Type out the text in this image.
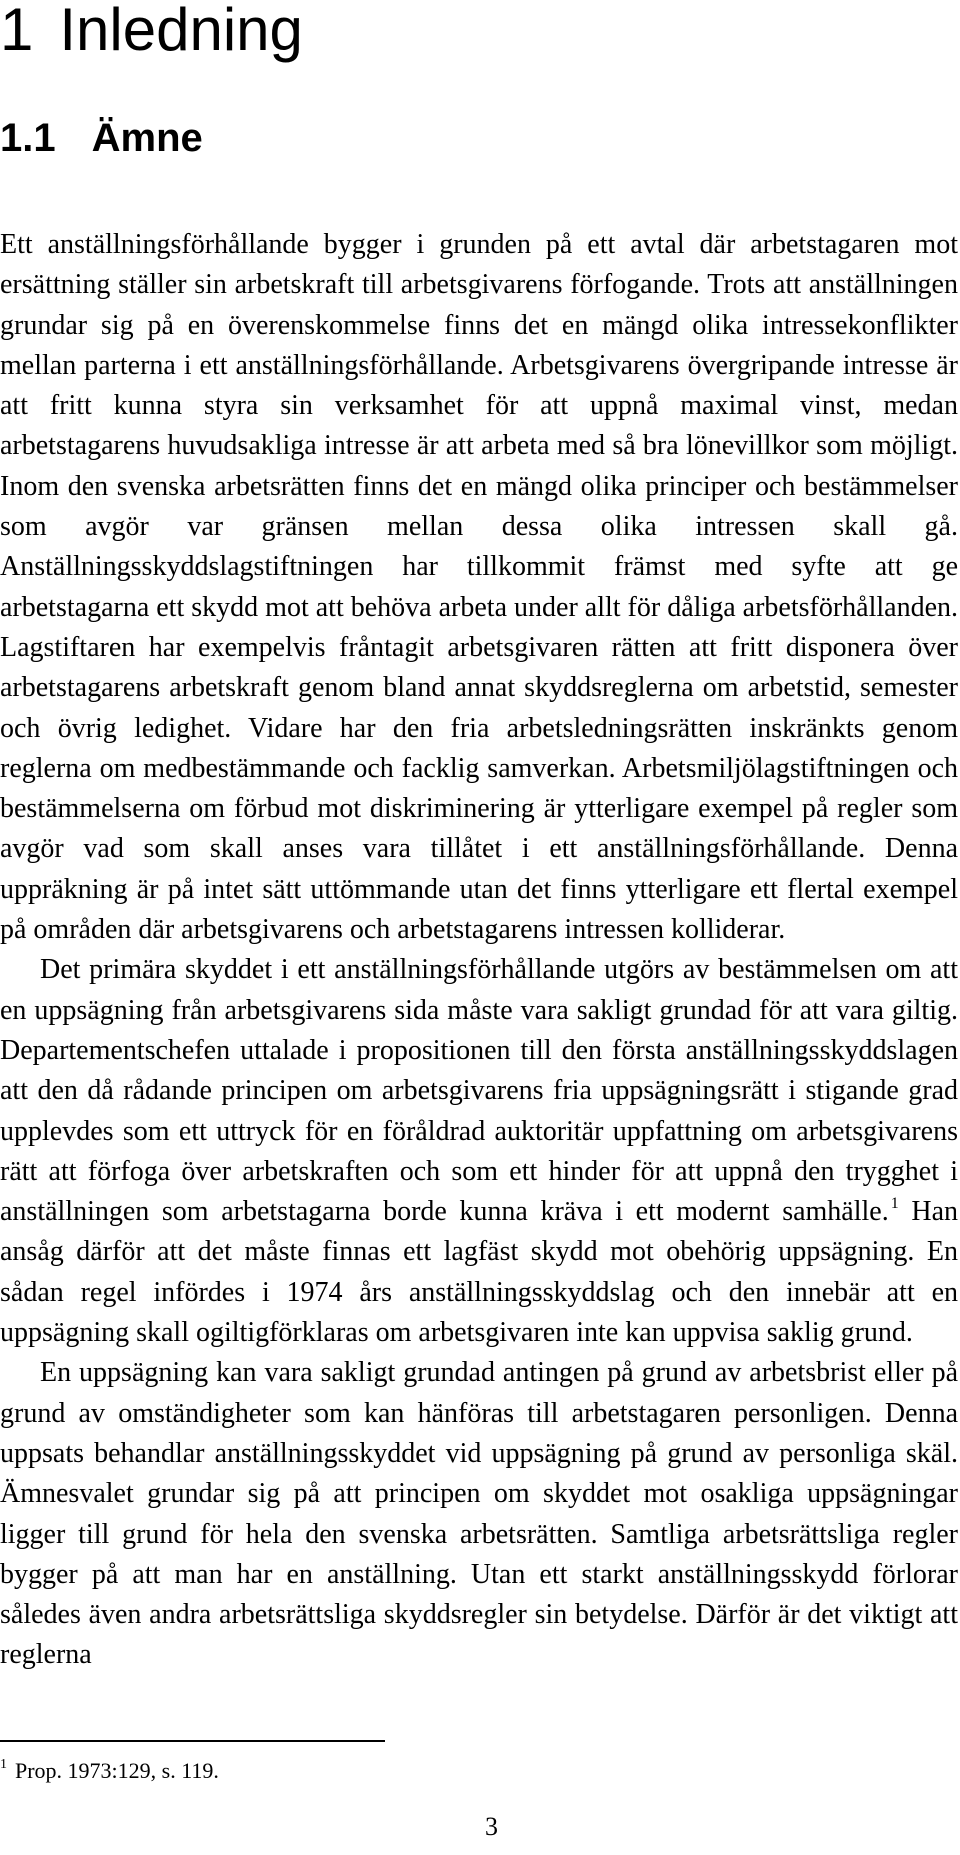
1 Inledning
1.1 Ämne

Ett anställningsförhållande bygger i grunden på ett avtal där arbetstagaren mot ersättning ställer sin arbetskraft till arbetsgivarens förfogande. Trots att anställningen grundar sig på en överenskommelse finns det en mängd olika intressekonflikter mellan parterna i ett anställningsförhållande. Arbetsgivarens övergripande intresse är att fritt kunna styra sin verksamhet för att uppnå maximal vinst, medan arbetstagarens huvudsakliga intresse är att arbeta med så bra lönevillkor som möjligt. Inom den svenska arbetsrätten finns det en mängd olika principer och bestämmelser som avgör var gränsen mellan dessa olika intressen skall gå. Anställningsskyddslagstiftningen har tillkommit främst med syfte att ge arbetstagarna ett skydd mot att behöva arbeta under allt för dåliga arbetsförhållanden. Lagstiftaren har exempelvis fråntagit arbetsgivaren rätten att fritt disponera över arbetstagarens arbetskraft genom bland annat skyddsreglerna om arbetstid, semester och övrig ledighet. Vidare har den fria arbetsledningsrätten inskränkts genom reglerna om medbestämmande och facklig samverkan. Arbetsmiljölagstiftningen och bestämmelserna om förbud mot diskriminering är ytterligare exempel på regler som avgör vad som skall anses vara tillåtet i ett anställningsförhållande. Denna uppräkning är på intet sätt uttömmande utan det finns ytterligare ett flertal exempel på områden där arbetsgivarens och arbetstagarens intressen kolliderar.

Det primära skyddet i ett anställningsförhållande utgörs av bestämmelsen om att en uppsägning från arbetsgivarens sida måste vara sakligt grundad för att vara giltig. Departementschefen uttalade i propositionen till den första anställningsskyddslagen att den då rådande principen om arbetsgivarens fria uppsägningsrätt i stigande grad upplevdes som ett uttryck för en föråldrad auktoritär uppfattning om arbetsgivarens rätt att förfoga över arbetskraften och som ett hinder för att uppnå den trygghet i anställningen som arbetstagarna borde kunna kräva i ett modernt samhälle. $^1$ Han ansåg därför att det måste finnas ett lagfäst skydd mot obehörig uppsägning. En sådan regel infördes i 1974 års anställningsskyddslag och den innebär att en uppsägning skall ogiltigförklaras om arbetsgivaren inte kan uppvisa saklig grund.

En uppsägning kan vara sakligt grundad antingen på grund av arbetsbrist eller på grund av omständigheter som kan hänföras till arbetstagaren personligen. Denna uppsats behandlar anställningsskyddet vid uppsägning på grund av personliga skäl. Ämnesvalet grundar sig på att principen om skyddet mot osakliga uppsägningar ligger till grund för hela den svenska arbetsrätten. Samtliga arbetsrättsliga regler bygger på att man har en anställning. Utan ett starkt anställningsskydd förlorar således även andra arbetsrättsliga skyddsregler sin betydelse. Därför är det viktigt att reglerna

$^1$ Prop. 1973:129, s. 119.
3
